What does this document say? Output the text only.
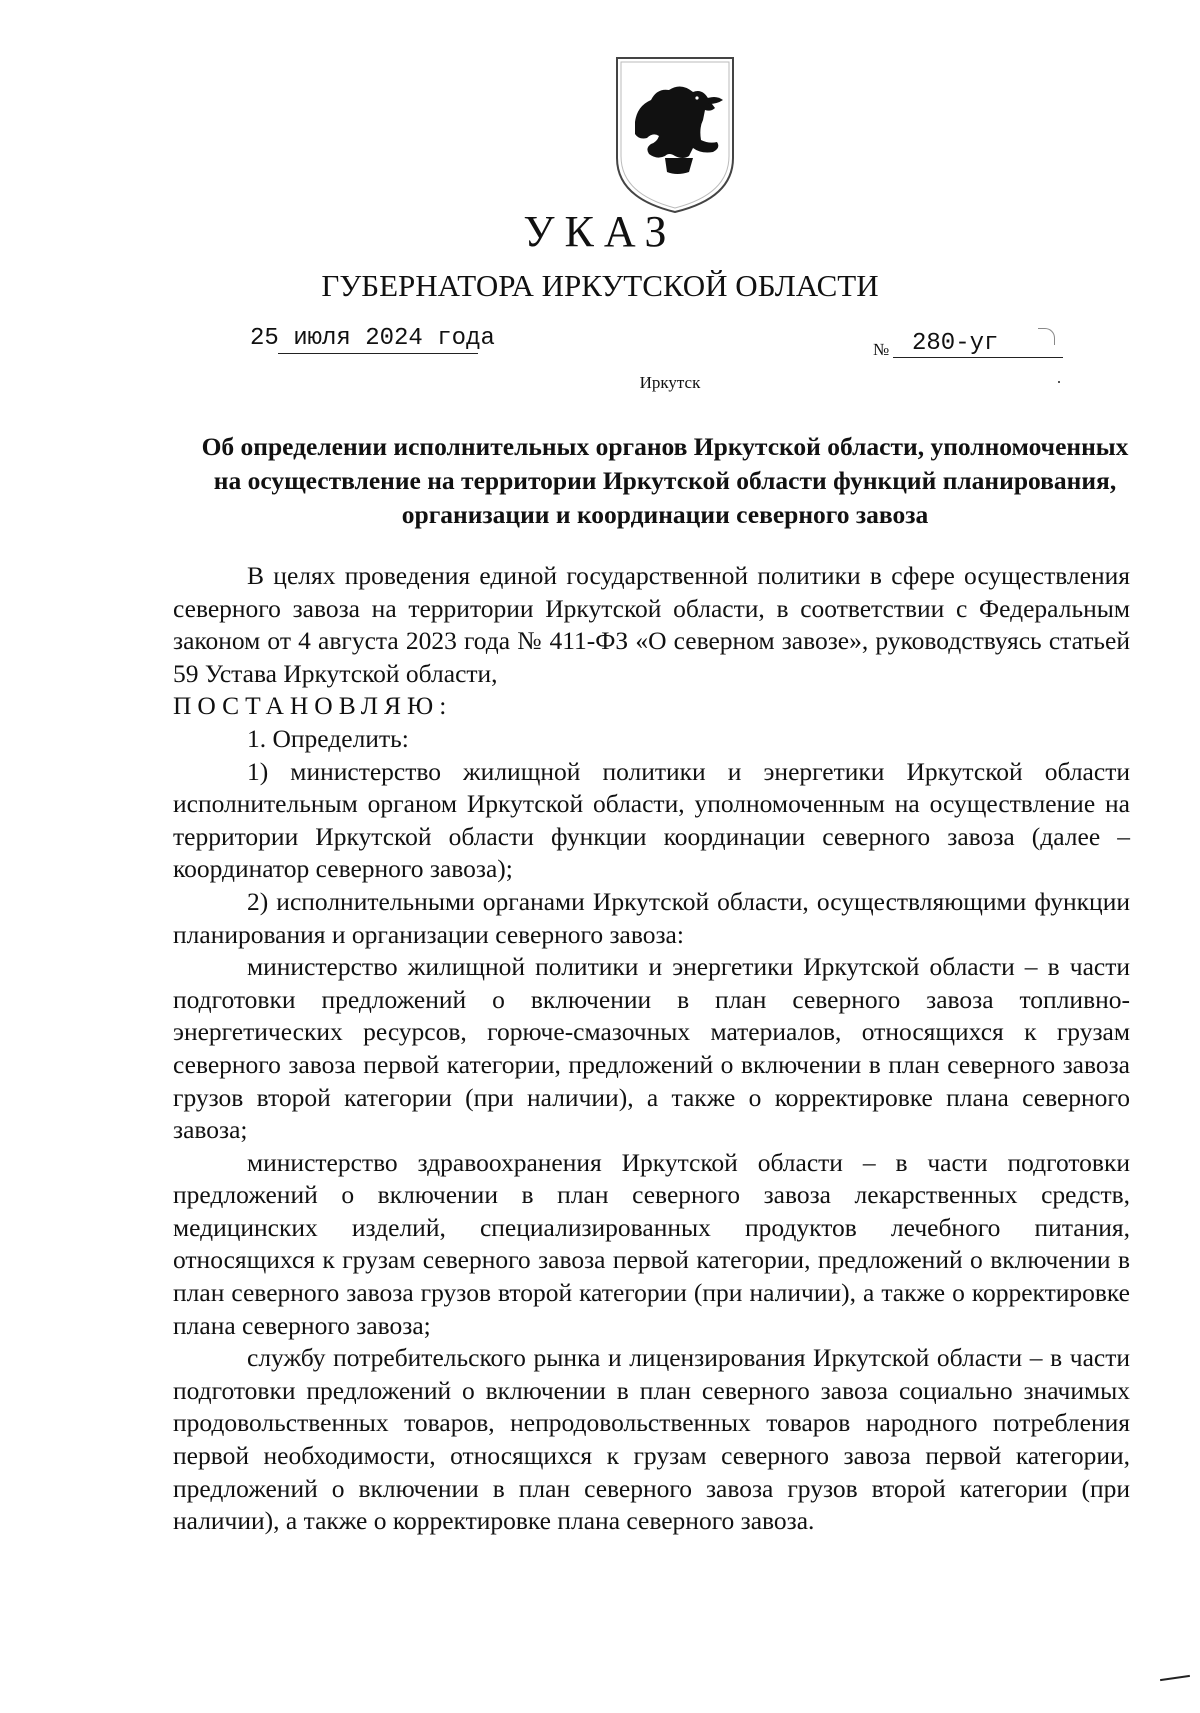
УКАЗ
ГУБЕРНАТОРА ИРКУТСКОЙ ОБЛАСТИ
25 июля 2024 года	№ 280-уг
Иркутск
Об определении исполнительных органов Иркутской области, уполномоченных на осуществление на территории Иркутской области функций планирования, организации и координации северного завоза

В целях проведения единой государственной политики в сфере осуществления северного завоза на территории Иркутской области, в соответствии с Федеральным законом от 4 августа 2023 года № 411-ФЗ «О северном завозе», руководствуясь статьей 59 Устава Иркутской области,

ПОСТАНОВЛЯЮ:

1. Определить:

1) министерство жилищной политики и энергетики Иркутской области исполнительным органом Иркутской области, уполномоченным на осуществление на территории Иркутской области функции координации северного завоза (далее – координатор северного завоза);

2) исполнительными органами Иркутской области, осуществляющими функции планирования и организации северного завоза:

министерство жилищной политики и энергетики Иркутской области – в части подготовки предложений о включении в план северного завоза топливно-энергетических ресурсов, горюче-смазочных материалов, относящихся к грузам северного завоза первой категории, предложений о включении в план северного завоза грузов второй категории (при наличии), а также о корректировке плана северного завоза;

министерство здравоохранения Иркутской области – в части подготовки предложений о включении в план северного завоза лекарственных средств, медицинских изделий, специализированных продуктов лечебного питания, относящихся к грузам северного завоза первой категории, предложений о включении в план северного завоза грузов второй категории (при наличии), а также о корректировке плана северного завоза;

службу потребительского рынка и лицензирования Иркутской области – в части подготовки предложений о включении в план северного завоза социально значимых продовольственных товаров, непродовольственных товаров народного потребления первой необходимости, относящихся к грузам северного завоза первой категории, предложений о включении в план северного завоза грузов второй категории (при наличии), а также о корректировке плана северного завоза.
